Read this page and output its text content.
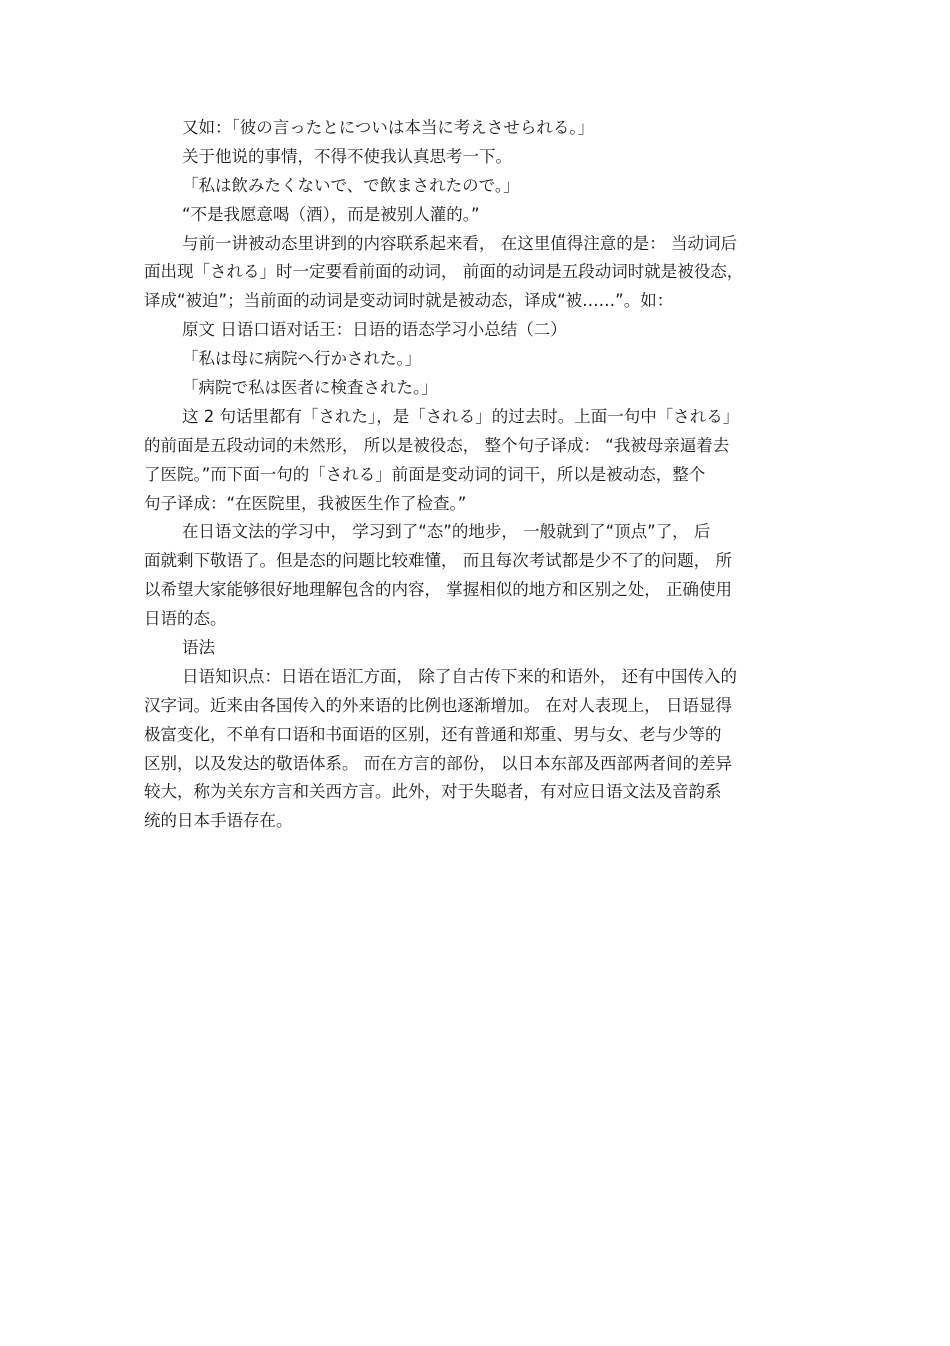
又如：「彼の言ったとについは本当に考えさせられる。」
关于他说的事情，不得不使我认真思考一下。
「私は飲みたくないで、で飲まされたので。」
“不是我愿意喝（酒），而是被别人灌的。”
与前一讲被动态里讲到的内容联系起来看， 在这里值得注意的是： 当动词后
面出现「される」时一定要看前面的动词， 前面的动词是五段动词时就是被役态，
译成“被迫”；当前面的动词是变动词时就是被动态，译成“被……”。如：
原文 日语口语对话王：日语的语态学习小总结（二）
「私は母に病院へ行かされた。」
「病院で私は医者に検査された。」
这 2 句话里都有「された」，是「される」的过去时。上面一句中「される」
的前面是五段动词的未然形， 所以是被役态， 整个句子译成： “我被母亲逼着去
了医院。”而下面一句的「される」前面是变动词的词干，所以是被动态，整个
句子译成：“在医院里，我被医生作了检查。”
在日语文法的学习中， 学习到了“态”的地步， 一般就到了“顶点”了， 后
面就剩下敬语了。但是态的问题比较难懂， 而且每次考试都是少不了的问题， 所
以希望大家能够很好地理解包含的内容， 掌握相似的地方和区别之处， 正确使用
日语的态。
语法
日语知识点：日语在语汇方面， 除了自古传下来的和语外， 还有中国传入的
汉字词。近来由各国传入的外来语的比例也逐渐增加。 在对人表现上， 日语显得
极富变化，不单有口语和书面语的区别，还有普通和郑重、男与女、老与少等的
区别，以及发达的敬语体系。 而在方言的部份， 以日本东部及西部两者间的差异
较大，称为关东方言和关西方言。此外，对于失聪者，有对应日语文法及音韵系
统的日本手语存在。
